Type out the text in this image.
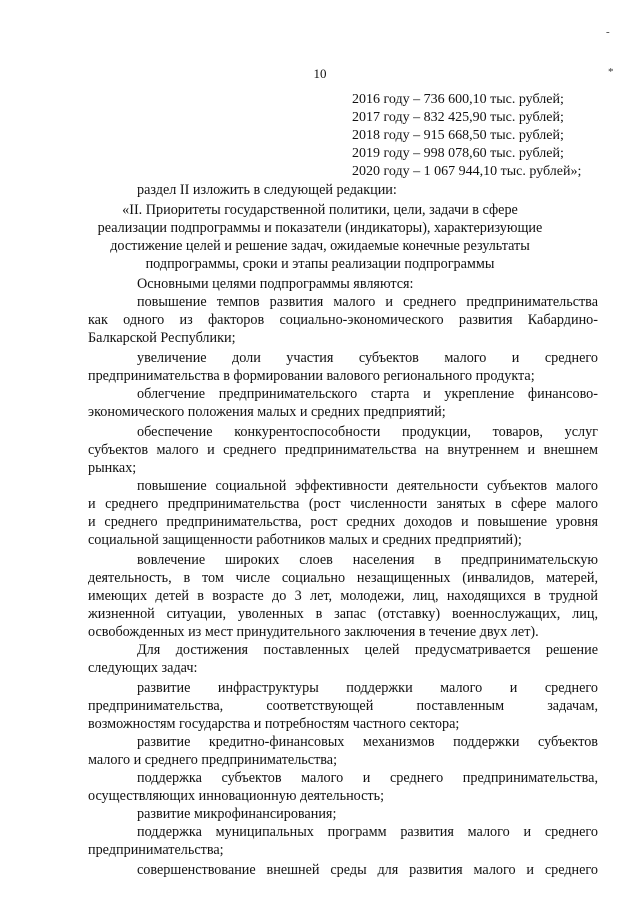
-
*
10
2016 году – 736 600,10 тыс. рублей;
2017 году – 832 425,90 тыс. рублей;
2018 году – 915 668,50 тыс. рублей;
2019 году – 998 078,60 тыс. рублей;
2020 году – 1 067 944,10 тыс. рублей»;
раздел II изложить в следующей редакции:
«II. Приоритеты государственной политики, цели, задачи в сфере
реализации подпрограммы и показатели (индикаторы), характеризующие
достижение целей и решение задач, ожидаемые конечные результаты
подпрограммы, сроки и этапы реализации подпрограммы
Основными целями подпрограммы являются:
повышение темпов развития малого и среднего предпринимательства
как одного из факторов социально-экономического развития Кабардино-
Балкарской Республики;
увеличение доли участия субъектов малого и среднего
предпринимательства в формировании валового регионального продукта;
облегчение предпринимательского старта и укрепление финансово-
экономического положения малых и средних предприятий;
обеспечение конкурентоспособности продукции, товаров, услуг
субъектов малого и среднего предпринимательства на внутреннем и внешнем
рынках;
повышение социальной эффективности деятельности субъектов малого
и среднего предпринимательства (рост численности занятых в сфере малого
и среднего предпринимательства, рост средних доходов и повышение уровня
социальной защищенности работников малых и средних предприятий);
вовлечение широких слоев населения в предпринимательскую
деятельность, в том числе социально незащищенных (инвалидов, матерей,
имеющих детей в возрасте до 3 лет, молодежи, лиц, находящихся в трудной
жизненной ситуации, уволенных в запас (отставку) военнослужащих, лиц,
освобожденных из мест принудительного заключения в течение двух лет).
Для достижения поставленных целей предусматривается решение
следующих задач:
развитие инфраструктуры поддержки малого и среднего
предпринимательства, соответствующей поставленным задачам,
возможностям государства и потребностям частного сектора;
развитие кредитно-финансовых механизмов поддержки субъектов
малого и среднего предпринимательства;
поддержка субъектов малого и среднего предпринимательства,
осуществляющих инновационную деятельность;
развитие микрофинансирования;
поддержка муниципальных программ развития малого и среднего
предпринимательства;
совершенствование внешней среды для развития малого и среднего
